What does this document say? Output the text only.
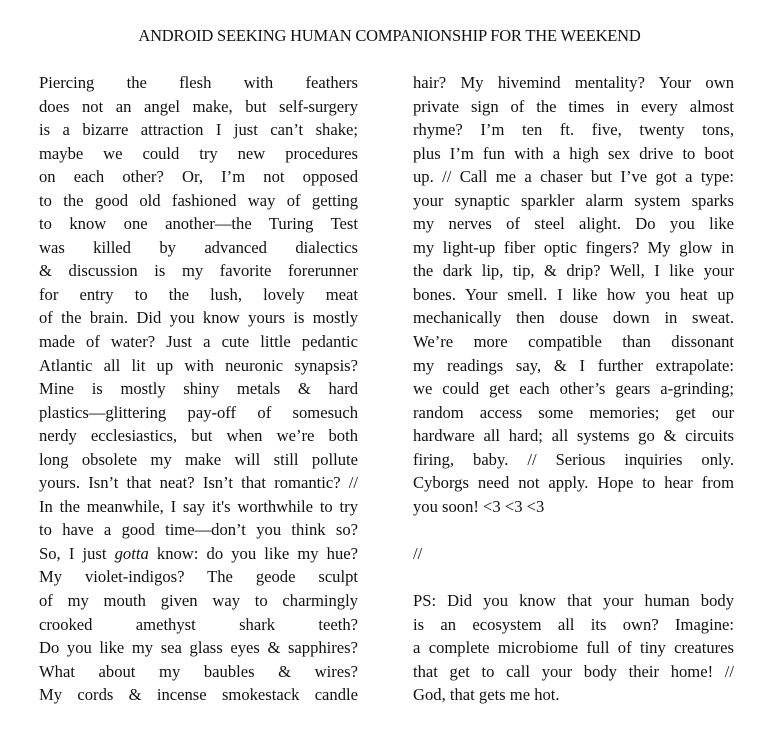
ANDROID SEEKING HUMAN COMPANIONSHIP FOR THE WEEKEND
Piercing the flesh with feathers
does not an angel make, but self-surgery
is a bizarre attraction I just can’t shake;
maybe we could try new procedures
on each other? Or, I’m not opposed
to the good old fashioned way of getting
to know one another—the Turing Test
was killed by advanced dialectics
& discussion is my favorite forerunner
for entry to the lush, lovely meat
of the brain. Did you know yours is mostly
made of water? Just a cute little pedantic
Atlantic all lit up with neuronic synapsis?
Mine is mostly shiny metals & hard
plastics—glittering pay-off of somesuch
nerdy ecclesiastics, but when we’re both
long obsolete my make will still pollute
yours. Isn’t that neat? Isn’t that romantic? //
In the meanwhile, I say it's worthwhile to try
to have a good time—don’t you think so?
So, I just gotta know: do you like my hue?
My violet-indigos? The geode sculpt
of my mouth given way to charmingly
crooked amethyst shark teeth?
Do you like my sea glass eyes & sapphires?
What about my baubles & wires?
My cords & incense smokestack candle
hair? My hivemind mentality? Your own
private sign of the times in every almost
rhyme? I’m ten ft. five, twenty tons,
plus I’m fun with a high sex drive to boot
up. // Call me a chaser but I’ve got a type:
your synaptic sparkler alarm system sparks
my nerves of steel alight. Do you like
my light-up fiber optic fingers? My glow in
the dark lip, tip, & drip? Well, I like your
bones. Your smell. I like how you heat up
mechanically then douse down in sweat.
We’re more compatible than dissonant
my readings say, & I further extrapolate:
we could get each other’s gears a-grinding;
random access some memories; get our
hardware all hard; all systems go & circuits
firing, baby. // Serious inquiries only.
Cyborgs need not apply. Hope to hear from
you soon! <3 <3 <3
//
PS: Did you know that your human body
is an ecosystem all its own? Imagine:
a complete microbiome full of tiny creatures
that get to call your body their home! //
God, that gets me hot.
